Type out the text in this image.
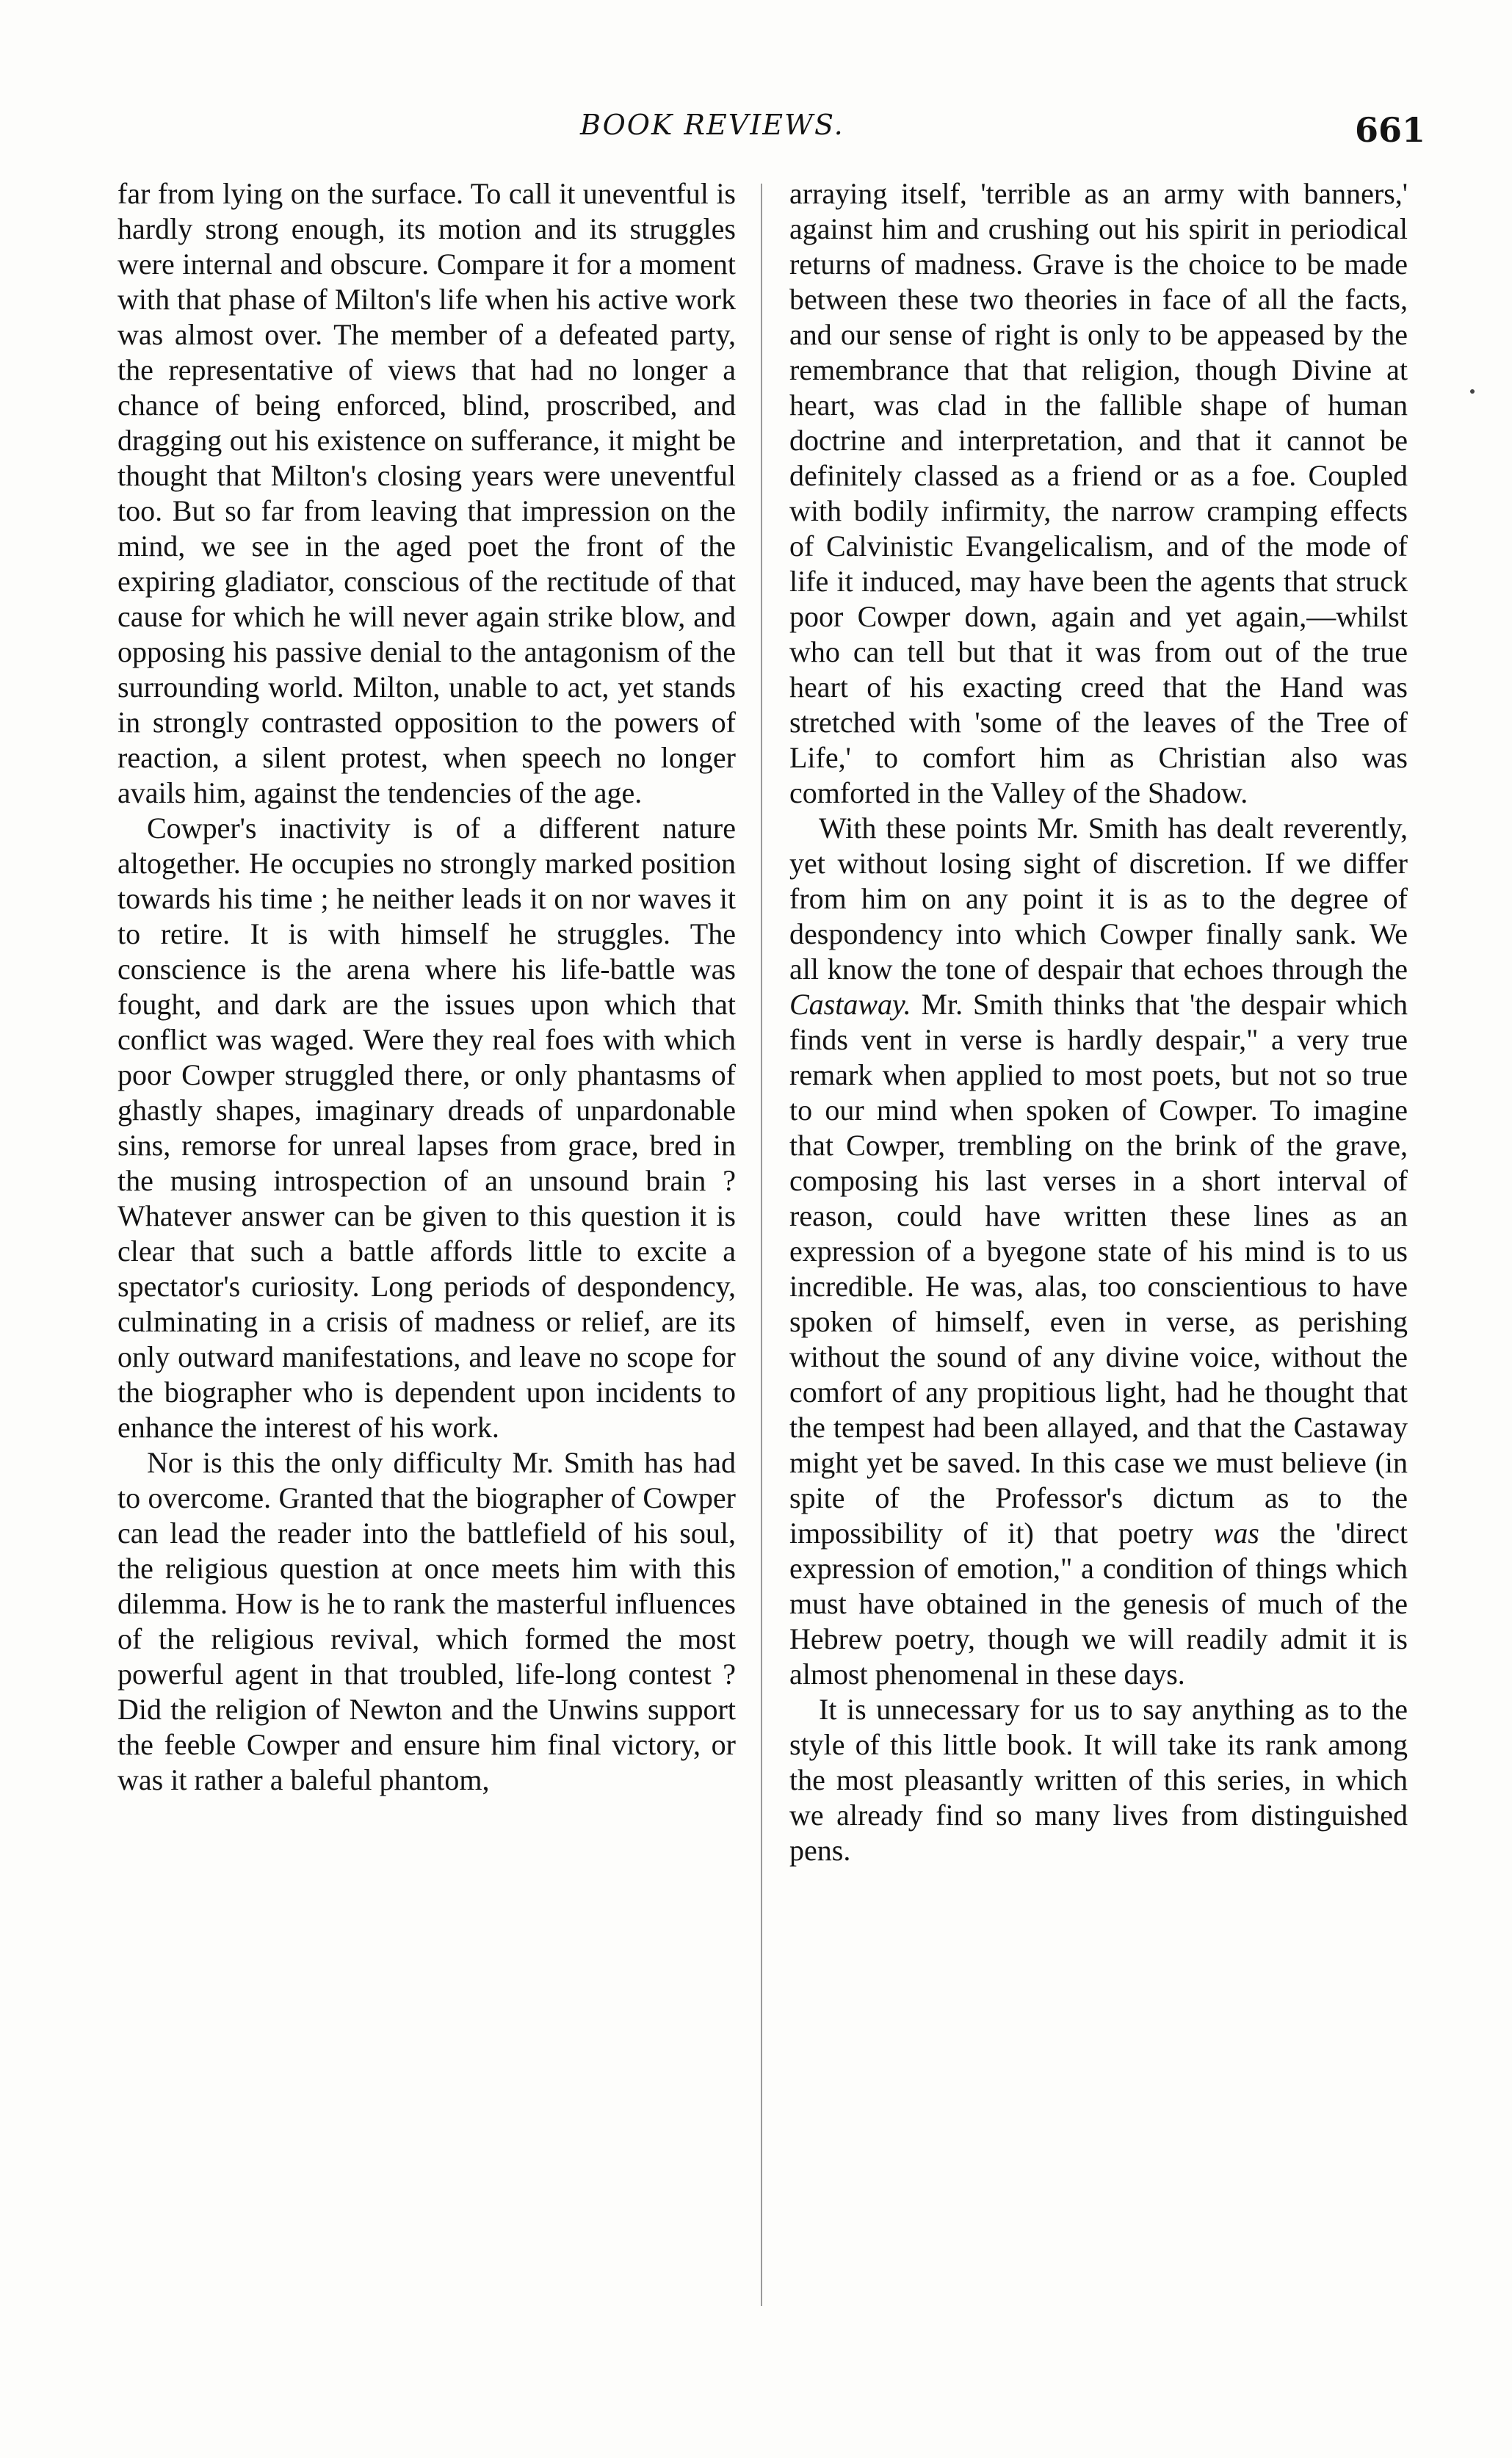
BOOK REVIEWS.	661

far from lying on the surface. To call it uneventful is hardly strong enough, its motion and its struggles were internal and obscure. Compare it for a moment with that phase of Milton's life when his active work was almost over. The member of a defeated party, the representative of views that had no longer a chance of being enforced, blind, proscribed, and dragging out his existence on sufferance, it might be thought that Milton's closing years were uneventful too. But so far from leaving that impression on the mind, we see in the aged poet the front of the expiring gladiator, conscious of the rectitude of that cause for which he will never again strike blow, and opposing his passive denial to the antagonism of the surrounding world. Milton, unable to act, yet stands in strongly contrasted opposition to the powers of reaction, a silent protest, when speech no longer avails him, against the tendencies of the age.

Cowper's inactivity is of a different nature altogether. He occupies no strongly marked position towards his time ; he neither leads it on nor waves it to retire. It is with himself he struggles. The conscience is the arena where his life-battle was fought, and dark are the issues upon which that conflict was waged. Were they real foes with which poor Cowper struggled there, or only phantasms of ghastly shapes, imaginary dreads of unpardonable sins, remorse for unreal lapses from grace, bred in the musing introspection of an unsound brain ? Whatever answer can be given to this question it is clear that such a battle affords little to excite a spectator's curiosity. Long periods of despondency, culminating in a crisis of madness or relief, are its only outward manifestations, and leave no scope for the biographer who is dependent upon incidents to enhance the interest of his work.

Nor is this the only difficulty Mr. Smith has had to overcome. Granted that the biographer of Cowper can lead the reader into the battlefield of his soul, the religious question at once meets him with this dilemma. How is he to rank the masterful influences of the religious revival, which formed the most powerful agent in that troubled, life-long contest ? Did the religion of Newton and the Unwins support the feeble Cowper and ensure him final victory, or was it rather a baleful phantom,

arraying itself, 'terrible as an army with banners,' against him and crushing out his spirit in periodical returns of madness. Grave is the choice to be made between these two theories in face of all the facts, and our sense of right is only to be appeased by the remembrance that that religion, though Divine at heart, was clad in the fallible shape of human doctrine and interpretation, and that it cannot be definitely classed as a friend or as a foe. Coupled with bodily infirmity, the narrow cramping effects of Calvinistic Evangelicalism, and of the mode of life it induced, may have been the agents that struck poor Cowper down, again and yet again,—whilst who can tell but that it was from out of the true heart of his exacting creed that the Hand was stretched with 'some of the leaves of the Tree of Life,' to comfort him as Christian also was comforted in the Valley of the Shadow.

With these points Mr. Smith has dealt reverently, yet without losing sight of discretion. If we differ from him on any point it is as to the degree of despondency into which Cowper finally sank. We all know the tone of despair that echoes through the Castaway. Mr. Smith thinks that 'the despair which finds vent in verse is hardly despair," a very true remark when applied to most poets, but not so true to our mind when spoken of Cowper. To imagine that Cowper, trembling on the brink of the grave, composing his last verses in a short interval of reason, could have written these lines as an expression of a byegone state of his mind is to us incredible. He was, alas, too conscientious to have spoken of himself, even in verse, as perishing without the sound of any divine voice, without the comfort of any propitious light, had he thought that the tempest had been allayed, and that the Castaway might yet be saved. In this case we must believe (in spite of the Professor's dictum as to the impossibility of it) that poetry was the 'direct expression of emotion," a condition of things which must have obtained in the genesis of much of the Hebrew poetry, though we will readily admit it is almost phenomenal in these days.

It is unnecessary for us to say anything as to the style of this little book. It will take its rank among the most pleasantly written of this series, in which we already find so many lives from distinguished pens.
